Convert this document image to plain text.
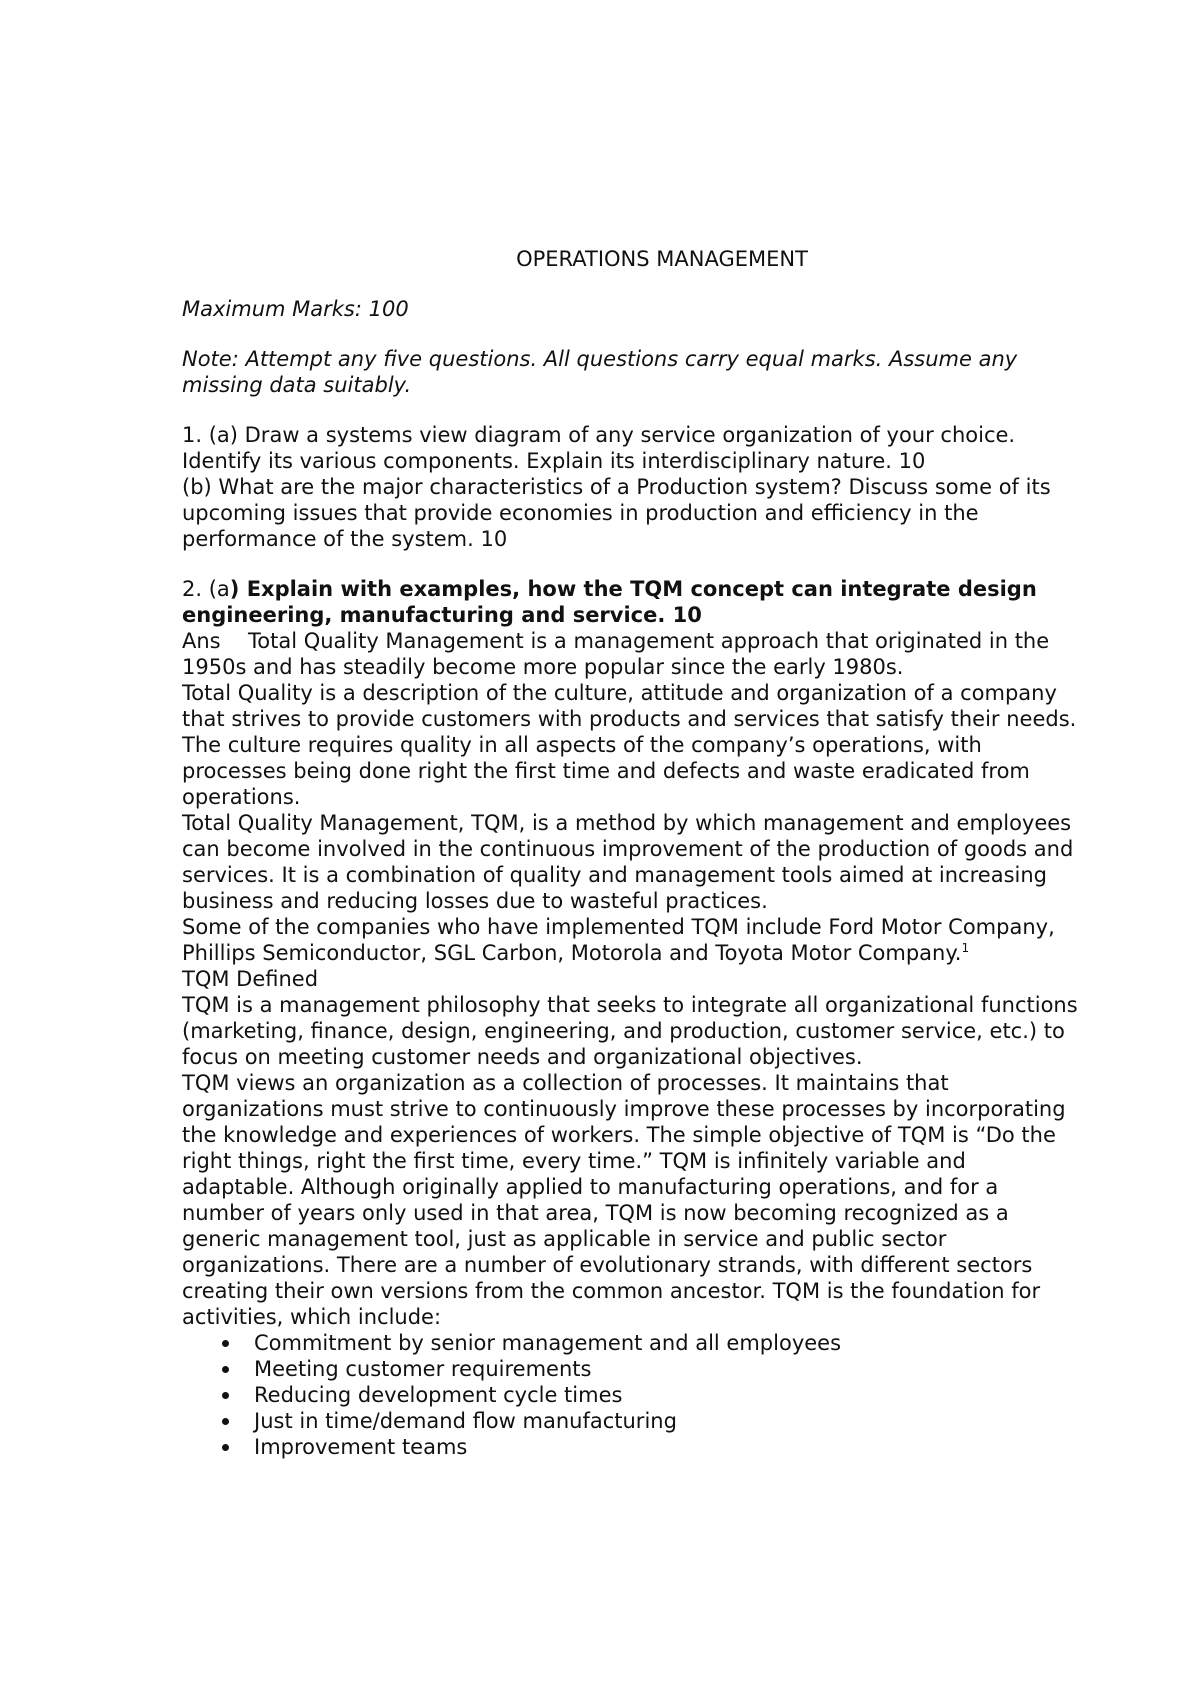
OPERATIONS MANAGEMENT

Maximum Marks: 100

Note: Attempt any five questions. All questions carry equal marks. Assume any missing data suitably.

1. (a) Draw a systems view diagram of any service organization of your choice. Identify its various components. Explain its interdisciplinary nature. 10

(b) What are the major characteristics of a Production system? Discuss some of its upcoming issues that provide economies in production and efficiency in the performance of the system. 10

2. (a) Explain with examples, how the TQM concept can integrate design engineering, manufacturing and service. 10

Ans Total Quality Management is a management approach that originated in the 1950s and has steadily become more popular since the early 1980s.

Total Quality is a description of the culture, attitude and organization of a company that strives to provide customers with products and services that satisfy their needs. The culture requires quality in all aspects of the company’s operations, with processes being done right the first time and defects and waste eradicated from operations.

Total Quality Management, TQM, is a method by which management and employees can become involved in the continuous improvement of the production of goods and services. It is a combination of quality and management tools aimed at increasing business and reducing losses due to wasteful practices.

Some of the companies who have implemented TQM include Ford Motor Company, Phillips Semiconductor, SGL Carbon, Motorola and Toyota Motor Company.$^1$

TQM Defined

TQM is a management philosophy that seeks to integrate all organizational functions (marketing, finance, design, engineering, and production, customer service, etc.) to focus on meeting customer needs and organizational objectives.

TQM views an organization as a collection of processes. It maintains that organizations must strive to continuously improve these processes by incorporating the knowledge and experiences of workers. The simple objective of TQM is “Do the right things, right the first time, every time.” TQM is infinitely variable and adaptable. Although originally applied to manufacturing operations, and for a number of years only used in that area, TQM is now becoming recognized as a generic management tool, just as applicable in service and public sector organizations. There are a number of evolutionary strands, with different sectors creating their own versions from the common ancestor. TQM is the foundation for activities, which include:

Commitment by senior management and all employees
Meeting customer requirements
Reducing development cycle times
Just in time/demand flow manufacturing
Improvement teams
